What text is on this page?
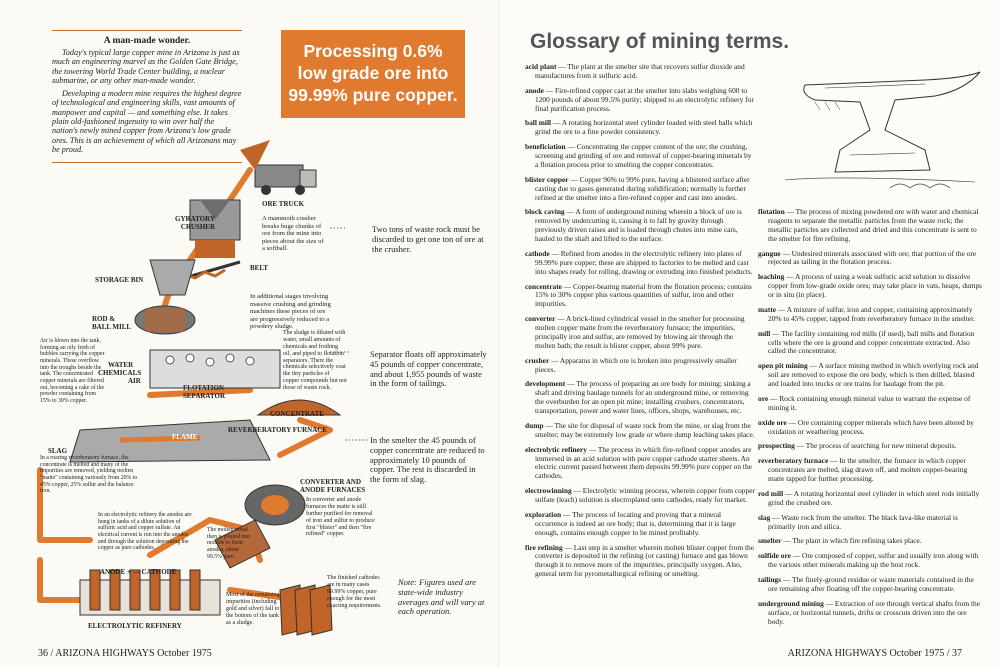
A man-made wonder.

Today's typical large copper mine in Arizona is just as much an engineering marvel as the Golden Gate Bridge, the towering World Trade Center building, a nuclear submarine, or any other man-made wonder.

Developing a modern mine requires the highest degree of technological and engineering skills, vast amounts of manpower and capital — and something else. It takes plain old-fashioned ingenuity to win over half the nation's newly mined copper from Arizona's low grade ores. This is an achievement of which all Arizonans may be proud.

Processing 0.6% low grade ore into 99.99% pure copper.
ORE TRUCK
GYRATORY CRUSHER
A mammoth crusher breaks huge chunks of ore from the mine into pieces about the size of a softball.
BELT
STORAGE BIN
ROD & BALL MILL
In additional stages involving massive crushing and grinding machines these pieces of ore are progressively reduced to a powdery sludge.
Air is blown into the tank, forming an oily froth of bubbles carrying the copper minerals. These overflow into the troughs beside the tank. The concentrated copper minerals are filtered out, becoming a cake of the powder containing from 15% to 30% copper.
WATER
CHEMICALS
AIR
The sludge is diluted with water, small amounts of chemicals and frothing oil, and piped to flotation separators. There the chemicals selectively coat the tiny particles of copper compounds but not those of waste rock.
FLOTATION SEPARATOR
CONCENTRATE
REVERBERATORY FURNACE
FLAME
SLAG
In a roaring reverberatory furnace, the concentrate is melted and many of the impurities are removed, yielding molten "matte" containing variously from 20% to 45% copper, 25% sulfur and the balance iron.
CONVERTER AND ANODE FURNACES
In converter and anode furnaces the matte is still further purified for removal of iron and sulfur to produce first "blister" and then "fire refined" copper.
In an electrolytic refinery the anodes are hung in tanks of a dilute solution of sulfuric acid and copper sulfate. An electrical current is run into the anodes and through the solution depositing the copper as pure cathodes.
The molten metal then is poured into moulds to form anodes, about 99.5% pure.
ANODE + — CATHODE
ELECTROLYTIC REFINERY
Most of the remaining impurities (including gold and silver) fall to the bottom of the tank as a sludge.
The finished cathodes are in many cases 99.99% copper, pure enough for the most exacting requirements.
Two tons of waste rock must be discarded to get one ton of ore at the crusher.
Separator floats off approximately 45 pounds of copper concentrate, and about 1,955 pounds of waste in the form of tailings.
In the smelter the 45 pounds of copper concentrate are reduced to approximately 10 pounds of copper. The rest is discarded in the form of slag.
Note: Figures used are state-wide industry averages and will vary at each operation.
36 / ARIZONA HIGHWAYS October 1975
Glossary of mining terms.

acid plant — The plant at the smelter site that recovers sulfur dioxide and manufactures from it sulfuric acid.

anode — Fire-refined copper cast at the smelter into slabs weighing 600 to 1200 pounds of about 99.5% purity; shipped to an electrolytic refinery for final purification process.

ball mill — A rotating horizontal steel cylinder loaded with steel balls which grind the ore to a fine powder consistency.

beneficiation — Concentrating the copper content of the ore; the crushing, screening and grinding of ore and removal of copper-bearing minerals by a flotation process prior to smelting the copper concentrates.

blister copper — Copper 96% to 99% pure, having a blistered surface after casting due to gases generated during solidification; normally is further refined at the smelter into a fire-refined copper and cast into anodes.

block caving — A form of underground mining wherein a block of ore is removed by undercutting it, causing it to fall by gravity through previously driven raises and is loaded through chutes into mine cars, hauled to the shaft and lifted to the surface.

cathode — Refined from anodes in the electrolytic refinery into plates of 99.99% pure copper; these are shipped to factories to be melted and cast into shapes ready for rolling, drawing or extruding into finished products.

concentrate — Copper-bearing material from the flotation process; contains 15% to 30% copper plus various quantities of sulfur, iron and other impurities.

converter — A brick-lined cylindrical vessel in the smelter for processing molten copper matte from the reverberatory furnace; the impurities, principally iron and sulfur, are removed by blowing air through the molten bath; the result is blister copper, about 99% pure.

crusher — Apparatus in which ore is broken into progressively smaller pieces.

development — The process of preparing an ore body for mining; sinking a shaft and driving haulage tunnels for an underground mine, or removing the overburden for an open pit mine; installing crushers, concentrators, transportation, power and water lines, offices, shops, warehouses, etc.

dump — The site for disposal of waste rock from the mine, or slag from the smelter; may be extremely low grade or where dump leaching takes place.

electrolytic refinery — The process in which fire-refined copper anodes are immersed in an acid solution with pure copper cathode starter sheets. An electric current passed between them deposits 99.99% pure copper on the cathodes.

electrowinning — Electrolytic winning process, wherein copper from copper sulfate (leach) solution is electroplated onto cathodes, ready for market.

exploration — The process of locating and proving that a mineral occurrence is indeed an ore body; that is, determining that it is large enough, contains enough copper to be mined profitably.

fire refining — Last step in a smelter wherein molten blister copper from the converter is deposited in the refining (or casting) furnace and gas blown through it to remove more of the impurities, principally oxygen. Also, general term for pyrometallurgical refining or smelting.

flotation — The process of mixing powdered ore with water and chemical reagents to separate the metallic particles from the waste rock; the metallic particles are collected and dried and this concentrate is sent to the smelter for fire refining.

gangue — Undesired minerals associated with ore; that portion of the ore rejected as tailing in the flotation process.

leaching — A process of using a weak sulfuric acid solution to dissolve copper from low-grade oxide ores; may take place in vats, heaps, dumps or in situ (in place).

matte — A mixture of sulfur, iron and copper, containing approximately 20% to 45% copper, tapped from reverberatory furnace in the smelter.

mill — The facility containing rod mills (if used), ball mills and flotation cells where the ore is ground and copper concentrate extracted. Also called the concentrator.

open pit mining — A surface mining method in which overlying rock and soil are removed to expose the ore body, which is then drilled, blasted and loaded into trucks or ore trains for haulage from the pit.

ore — Rock containing enough mineral value to warrant the expense of mining it.

oxide ore — Ore containing copper minerals which have been altered by oxidation or weathering process.

prospecting — The process of searching for new mineral deposits.

reverberatory furnace — In the smelter, the furnace in which copper concentrates are melted, slag drawn off, and molten copper-bearing matte tapped for further processing.

rod mill — A rotating horizontal steel cylinder in which steel rods initially grind the crushed ore.

slag — Waste rock from the smelter. The black lava-like material is primarily iron and silica.

smelter — The plant in which fire refining takes place.

sulfide ore — Ore composed of copper, sulfur and usually iron along with the various other minerals making up the host rock.

tailings — The finely-ground residue or waste materials contained in the ore remaining after floating off the copper-bearing concentrate.

underground mining — Extraction of ore through vertical shafts from the surface, or horizontal tunnels, drifts or crosscuts driven into the ore body.

ARIZONA HIGHWAYS October 1975 / 37
